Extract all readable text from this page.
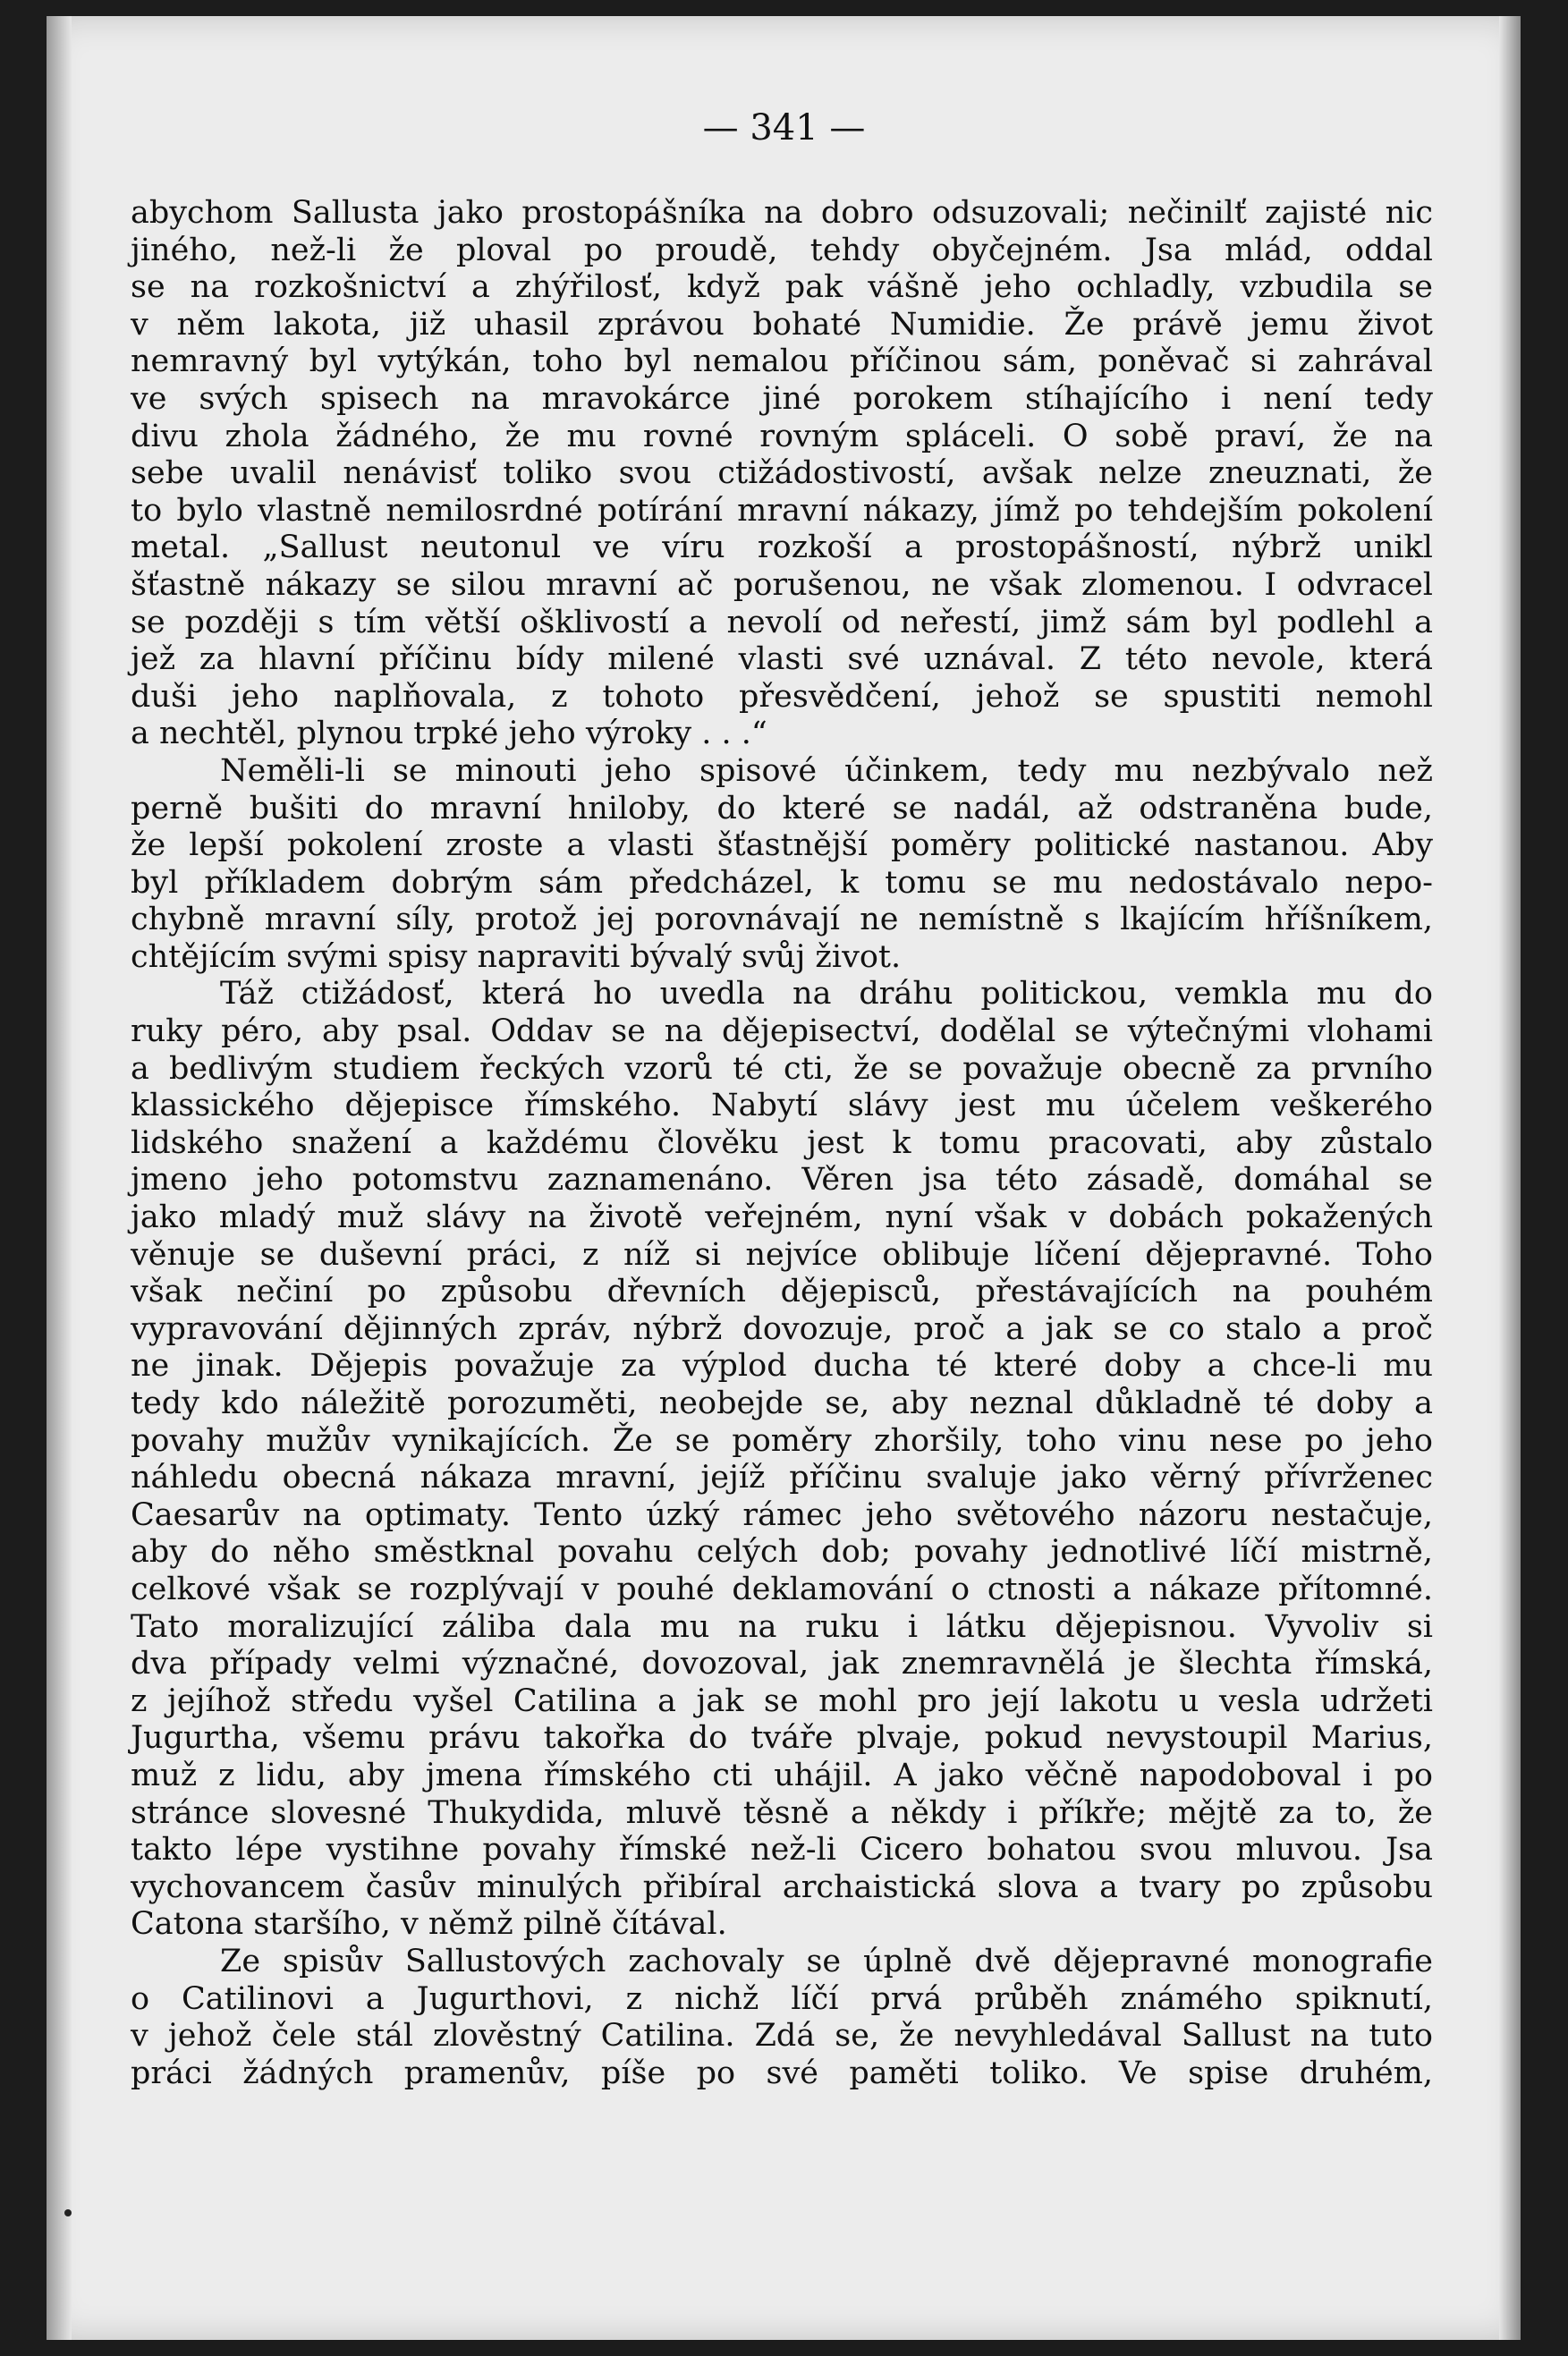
— 341 —
abychom Sallusta jako prostopášníka na dobro odsuzovali; nečinilť zajisté nic
jiného, než-li že ploval po proudě, tehdy obyčejném. Jsa mlád, oddal
se na rozkošnictví a zhýřilosť, když pak vášně jeho ochladly, vzbudila se
v něm lakota, již uhasil zprávou bohaté Numidie. Že právě jemu život
nemravný byl vytýkán, toho byl nemalou příčinou sám, poněvač si zahrával
ve svých spisech na mravokárce jiné porokem stíhajícího i není tedy
divu zhola žádného, že mu rovné rovným spláceli. O sobě praví, že na
sebe uvalil nenávisť toliko svou ctižádostivostí, avšak nelze zneuznati, že
to bylo vlastně nemilosrdné potírání mravní nákazy, jímž po tehdejším pokolení
metal. „Sallust neutonul ve víru rozkoší a prostopášností, nýbrž unikl
šťastně nákazy se silou mravní ač porušenou, ne však zlomenou. I odvracel
se později s tím větší ošklivostí a nevolí od neřestí, jimž sám byl podlehl a
jež za hlavní příčinu bídy milené vlasti své uznával. Z této nevole, která
duši jeho naplňovala, z tohoto přesvědčení, jehož se spustiti nemohl
a nechtěl, plynou trpké jeho výroky . . .“
Neměli-li se minouti jeho spisové účinkem, tedy mu nezbývalo než
perně bušiti do mravní hniloby, do které se nadál, až odstraněna bude,
že lepší pokolení zroste a vlasti šťastnější poměry politické nastanou. Aby
byl příkladem dobrým sám předcházel, k tomu se mu nedostávalo nepo-
chybně mravní síly, protož jej porovnávají ne nemístně s lkajícím hříšníkem,
chtějícím svými spisy napraviti bývalý svůj život.
Táž ctižádosť, která ho uvedla na dráhu politickou, vemkla mu do
ruky péro, aby psal. Oddav se na dějepisectví, dodělal se výtečnými vlohami
a bedlivým studiem řeckých vzorů té cti, že se považuje obecně za prvního
klassického dějepisce římského. Nabytí slávy jest mu účelem veškerého
lidského snažení a každému člověku jest k tomu pracovati, aby zůstalo
jmeno jeho potomstvu zaznamenáno. Věren jsa této zásadě, domáhal se
jako mladý muž slávy na životě veřejném, nyní však v dobách pokažených
věnuje se duševní práci, z níž si nejvíce oblibuje líčení dějepravné. Toho
však nečiní po způsobu dřevních dějepisců, přestávajících na pouhém
vypravování dějinných zpráv, nýbrž dovozuje, proč a jak se co stalo a proč
ne jinak. Dějepis považuje za výplod ducha té které doby a chce-li mu
tedy kdo náležitě porozuměti, neobejde se, aby neznal důkladně té doby a
povahy mužův vynikajících. Že se poměry zhoršily, toho vinu nese po jeho
náhledu obecná nákaza mravní, jejíž příčinu svaluje jako věrný přívrženec
Caesarův na optimaty. Tento úzký rámec jeho světového názoru nestačuje,
aby do něho směstknal povahu celých dob; povahy jednotlivé líčí mistrně,
celkové však se rozplývají v pouhé deklamování o ctnosti a nákaze přítomné.
Tato moralizující záliba dala mu na ruku i látku dějepisnou. Vyvoliv si
dva případy velmi význačné, dovozoval, jak znemravnělá je šlechta římská,
z jejíhož středu vyšel Catilina a jak se mohl pro její lakotu u vesla udržeti
Jugurtha, všemu právu takořka do tváře plvaje, pokud nevystoupil Marius,
muž z lidu, aby jmena římského cti uhájil. A jako věčně napodoboval i po
stránce slovesné Thukydida, mluvě těsně a někdy i příkře; mějtě za to, že
takto lépe vystihne povahy římské než-li Cicero bohatou svou mluvou. Jsa
vychovancem časův minulých přibíral archaistická slova a tvary po způsobu
Catona staršího, v němž pilně čítával.
Ze spisův Sallustových zachovaly se úplně dvě dějepravné monografie
o Catilinovi a Jugurthovi, z nichž líčí prvá průběh známého spiknutí,
v jehož čele stál zlověstný Catilina. Zdá se, že nevyhledával Sallust na tuto
práci žádných pramenův, píše po své paměti toliko. Ve spise druhém,
